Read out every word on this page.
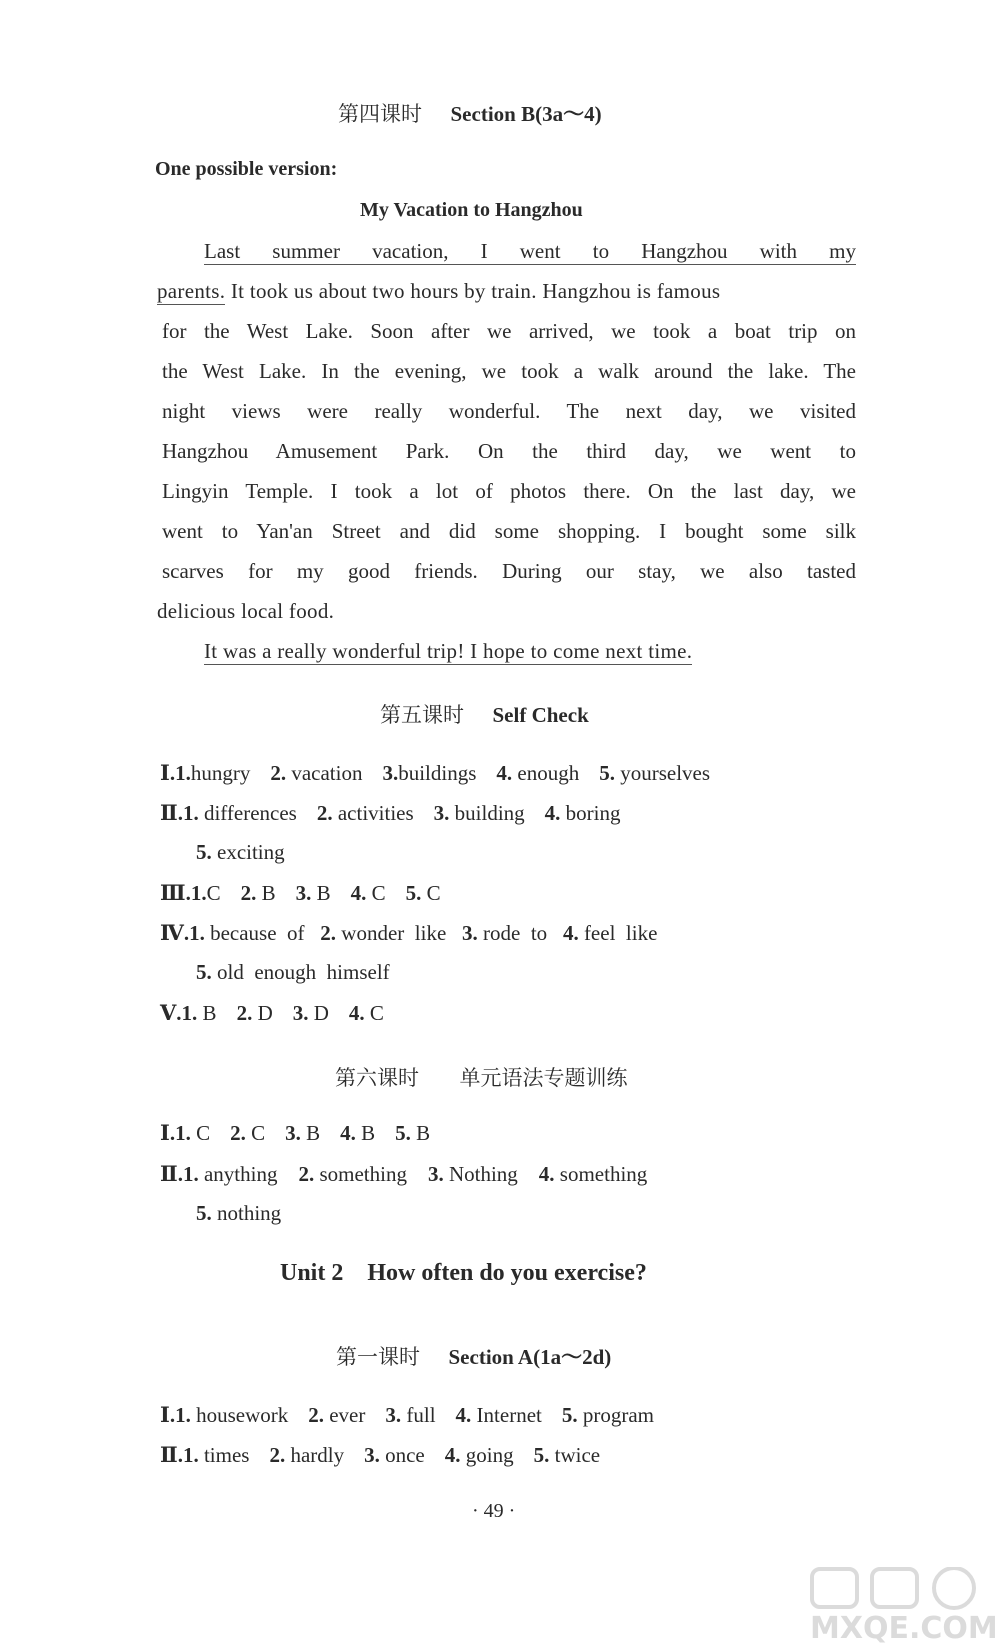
第四课时 Section B(3a～4)
One possible version:
My Vacation to Hangzhou
Last summer vacation, I went to Hangzhou with my
parents. It took us about two hours by train. Hangzhou is famous
for the West Lake. Soon after we arrived, we took a boat trip on
the West Lake. In the evening, we took a walk around the lake. The
night views were really wonderful. The next day, we visited
Hangzhou Amusement Park. On the third day, we went to
Lingyin Temple. I took a lot of photos there. On the last day, we
went to Yan'an Street and did some shopping. I bought some silk
scarves for my good friends. During our stay, we also tasted
delicious local food.
It was a really wonderful trip! I hope to come next time.
第五课时 Self Check
Ⅰ.1.hungry 2. vacation 3.buildings 4. enough 5. yourselves
Ⅱ.1. differences 2. activities 3. building 4. boring
5. exciting
Ⅲ.1.C 2. B 3. B 4. C 5. C
Ⅳ.1. because  of 2. wonder  like 3. rode  to 4. feel  like
5. old  enough  himself
Ⅴ.1. B 2. D 3. D 4. C
第六课时 单元语法专题训练
Ⅰ.1. C 2. C 3. B 4. B 5. B
Ⅱ.1. anything 2. something 3. Nothing 4. something
5. nothing
Unit 2    How often do you exercise?
第一课时 Section A(1a～2d)
Ⅰ.1. housework 2. ever 3. full 4. Internet 5. program
Ⅱ.1. times 2. hardly 3. once 4. going 5. twice
· 49 ·
MXQE.COM
